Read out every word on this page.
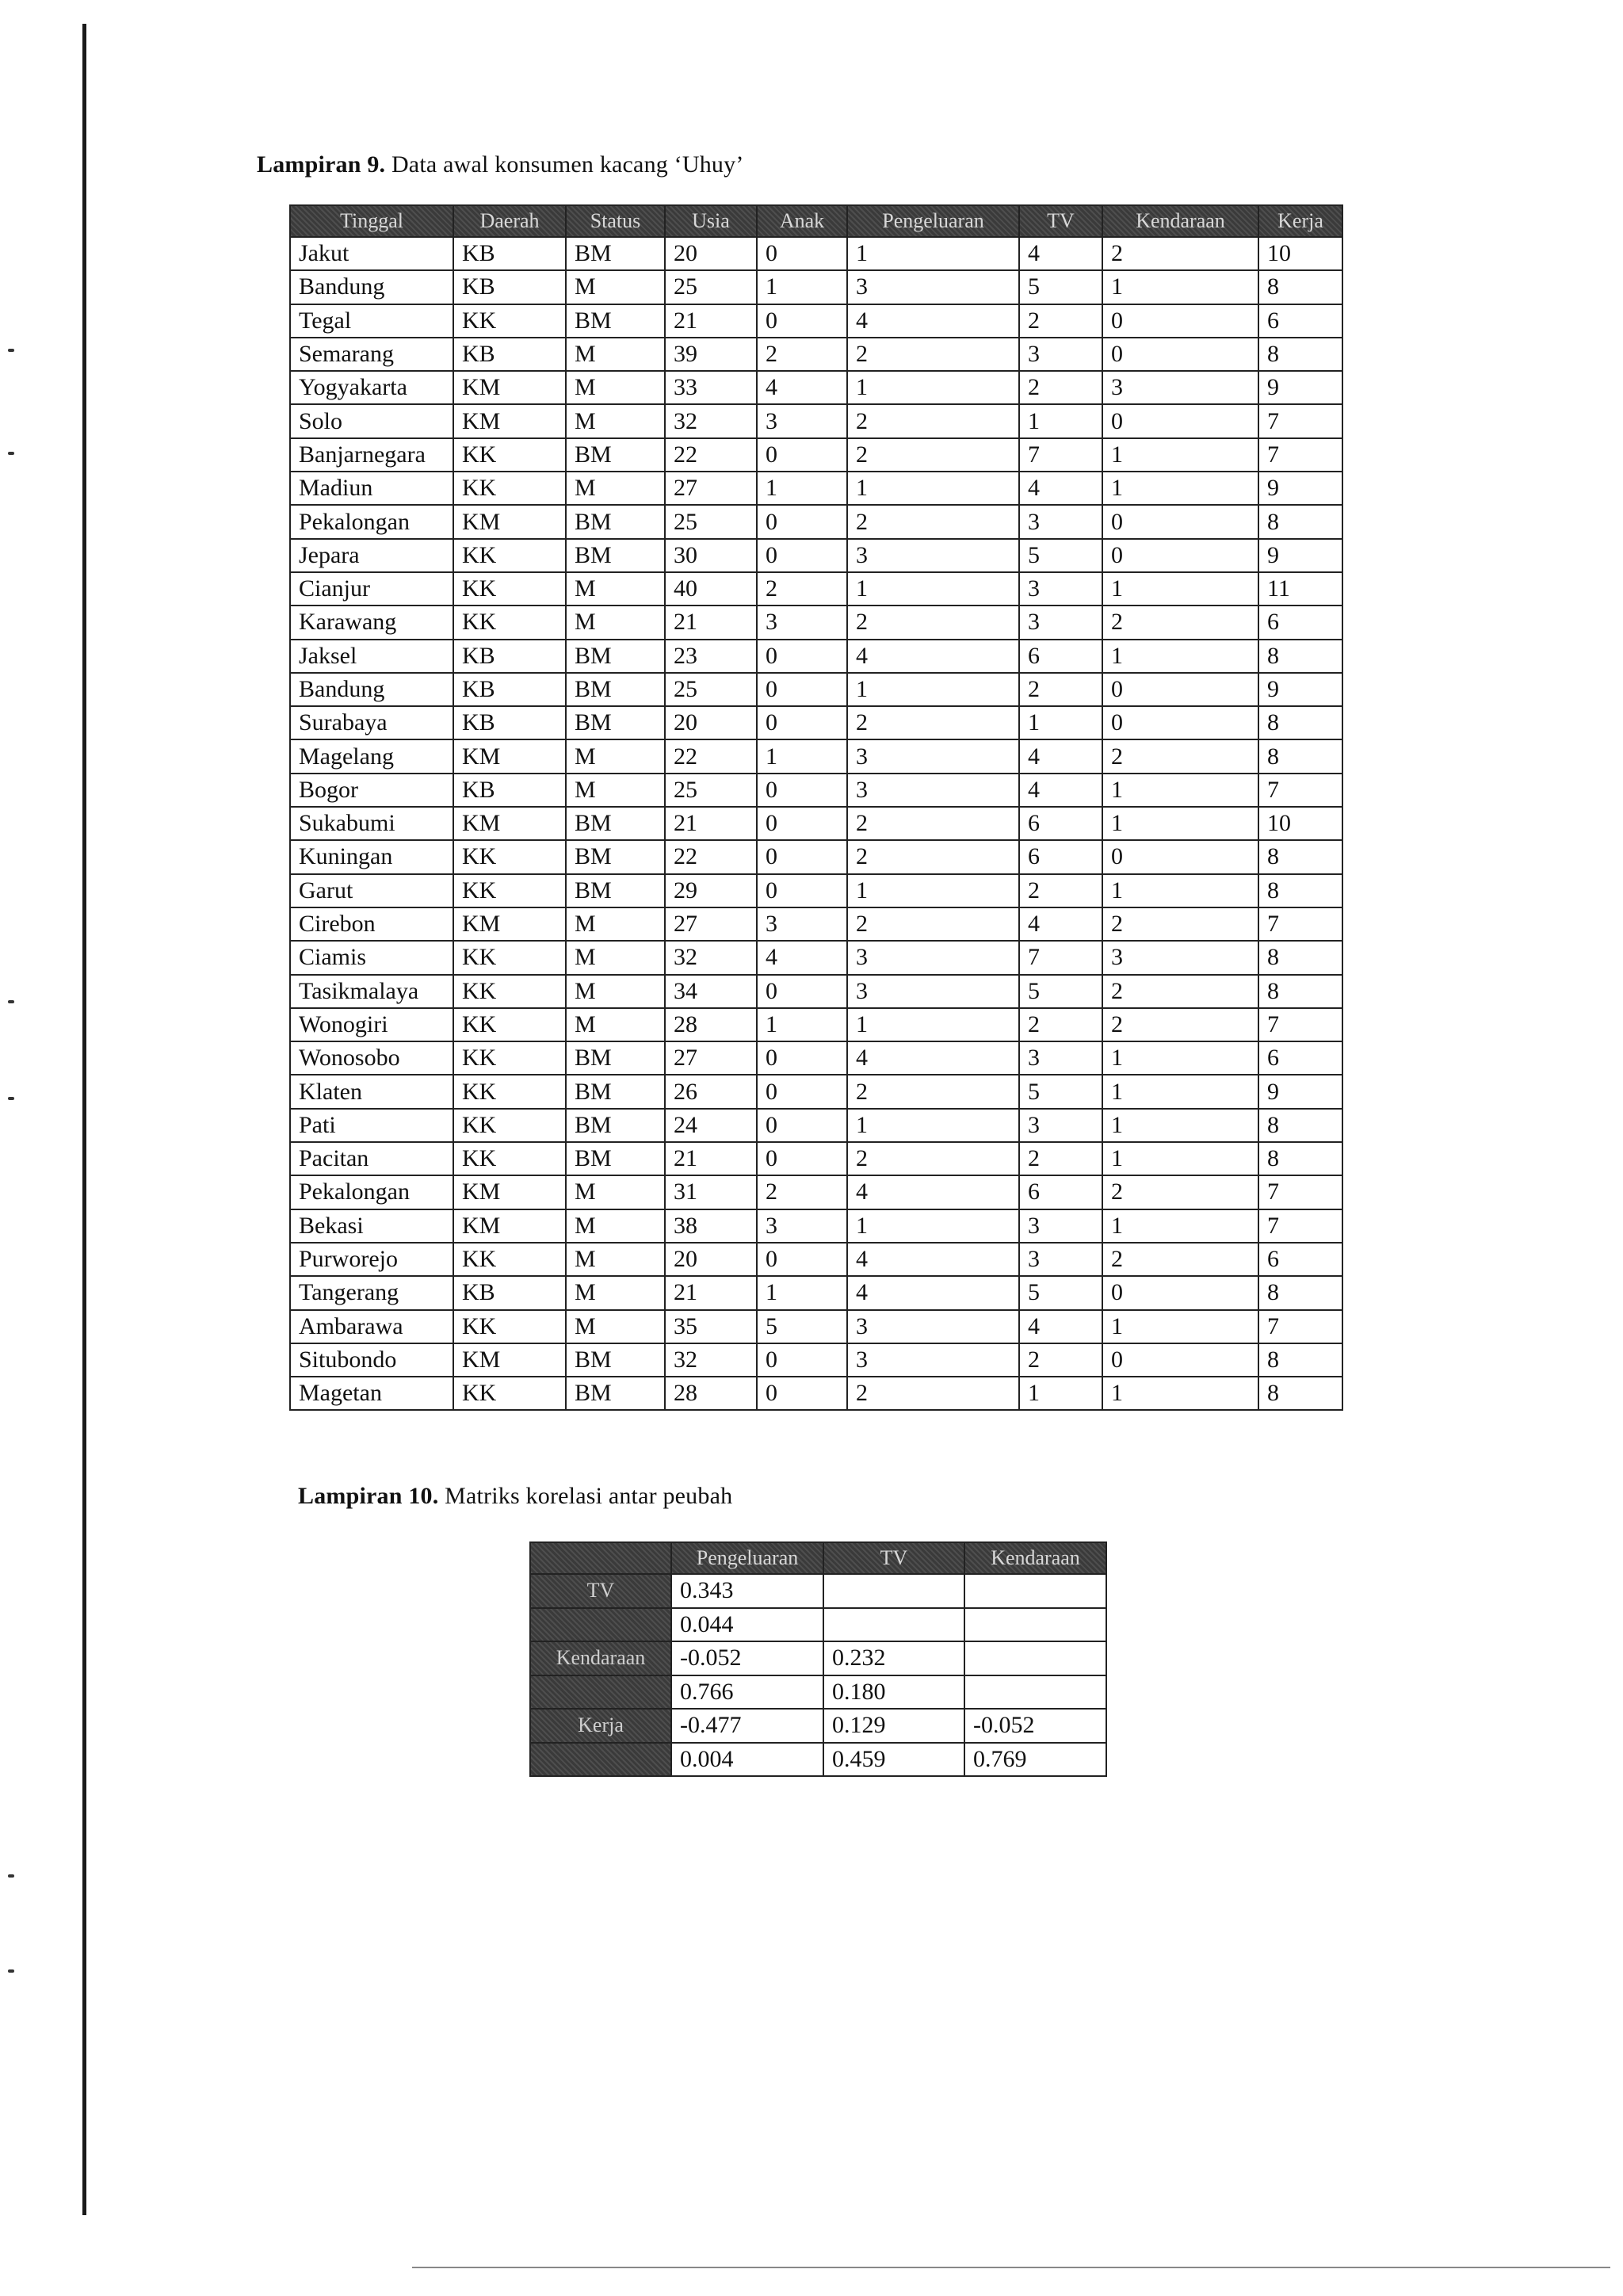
Lampiran 9. Data awal konsumen kacang ‘Uhuy’
Tinggal	Daerah	Status	Usia	Anak	Pengeluaran	TV	Kendaraan	Kerja
Jakut	KB	BM	20	0	1	4	2	10
Bandung	KB	M	25	1	3	5	1	8
Tegal	KK	BM	21	0	4	2	0	6
Semarang	KB	M	39	2	2	3	0	8
Yogyakarta	KM	M	33	4	1	2	3	9
Solo	KM	M	32	3	2	1	0	7
Banjarnegara	KK	BM	22	0	2	7	1	7
Madiun	KK	M	27	1	1	4	1	9
Pekalongan	KM	BM	25	0	2	3	0	8
Jepara	KK	BM	30	0	3	5	0	9
Cianjur	KK	M	40	2	1	3	1	11
Karawang	KK	M	21	3	2	3	2	6
Jaksel	KB	BM	23	0	4	6	1	8
Bandung	KB	BM	25	0	1	2	0	9
Surabaya	KB	BM	20	0	2	1	0	8
Magelang	KM	M	22	1	3	4	2	8
Bogor	KB	M	25	0	3	4	1	7
Sukabumi	KM	BM	21	0	2	6	1	10
Kuningan	KK	BM	22	0	2	6	0	8
Garut	KK	BM	29	0	1	2	1	8
Cirebon	KM	M	27	3	2	4	2	7
Ciamis	KK	M	32	4	3	7	3	8
Tasikmalaya	KK	M	34	0	3	5	2	8
Wonogiri	KK	M	28	1	1	2	2	7
Wonosobo	KK	BM	27	0	4	3	1	6
Klaten	KK	BM	26	0	2	5	1	9
Pati	KK	BM	24	0	1	3	1	8
Pacitan	KK	BM	21	0	2	2	1	8
Pekalongan	KM	M	31	2	4	6	2	7
Bekasi	KM	M	38	3	1	3	1	7
Purworejo	KK	M	20	0	4	3	2	6
Tangerang	KB	M	21	1	4	5	0	8
Ambarawa	KK	M	35	5	3	4	1	7
Situbondo	KM	BM	32	0	3	2	0	8
Magetan	KK	BM	28	0	2	1	1	8
Lampiran 10. Matriks korelasi antar peubah
	Pengeluaran	TV	Kendaraan
TV	0.343		
	0.044		
Kendaraan	-0.052	0.232	
	0.766	0.180	
Kerja	-0.477	0.129	-0.052
	0.004	0.459	0.769
